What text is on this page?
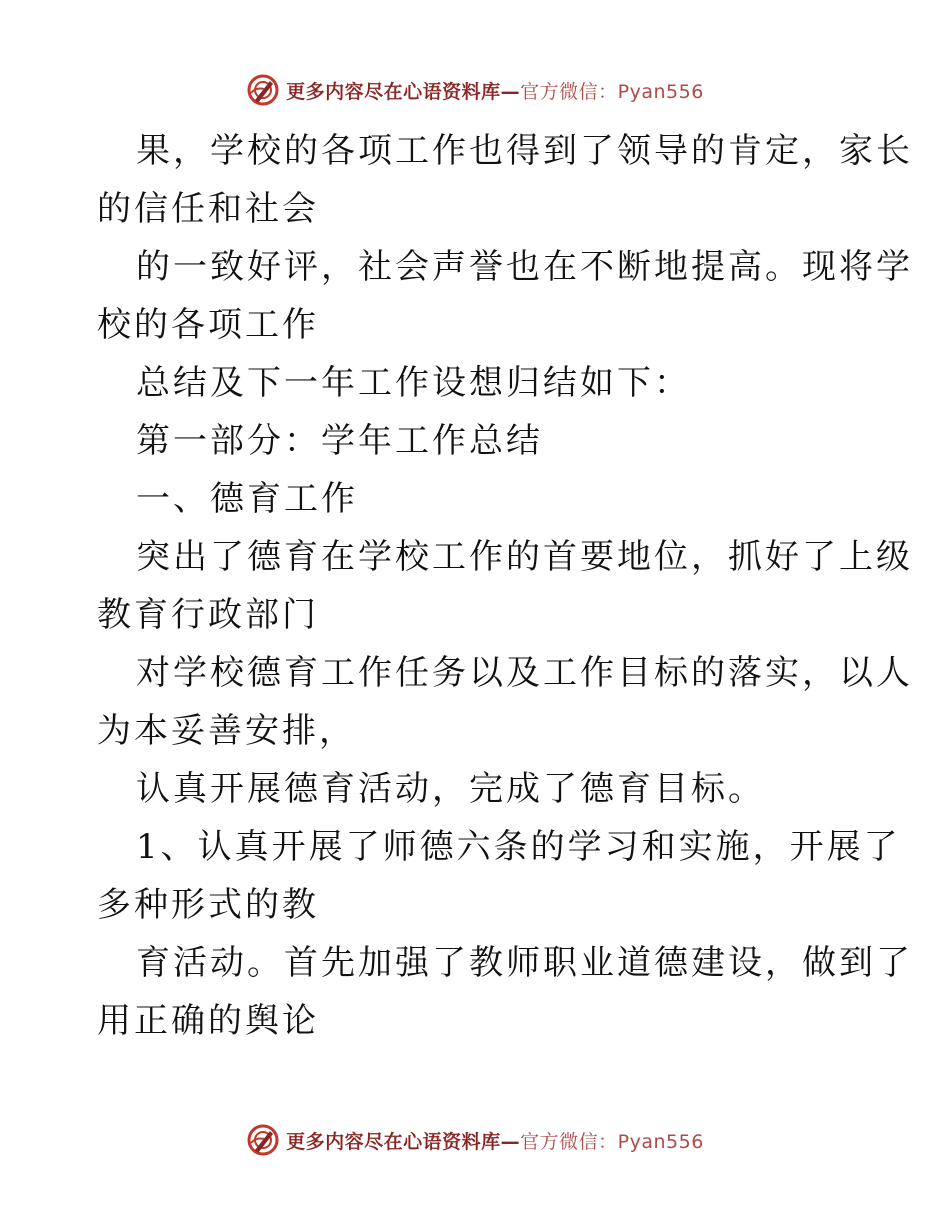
更多内容尽在心语资料库—官方微信：Pyan556
果，学校的各项工作也得到了领导的肯定，家长
的信任和社会
的一致好评，社会声誉也在不断地提高。现将学
校的各项工作
总结及下一年工作设想归结如下：
第一部分：学年工作总结
一、德育工作
突出了德育在学校工作的首要地位，抓好了上级
教育行政部门
对学校德育工作任务以及工作目标的落实，以人
为本妥善安排，
认真开展德育活动，完成了德育目标。
1、认真开展了师德六条的学习和实施，开展了
多种形式的教
育活动。首先加强了教师职业道德建设，做到了
用正确的舆论
更多内容尽在心语资料库—官方微信：Pyan556
